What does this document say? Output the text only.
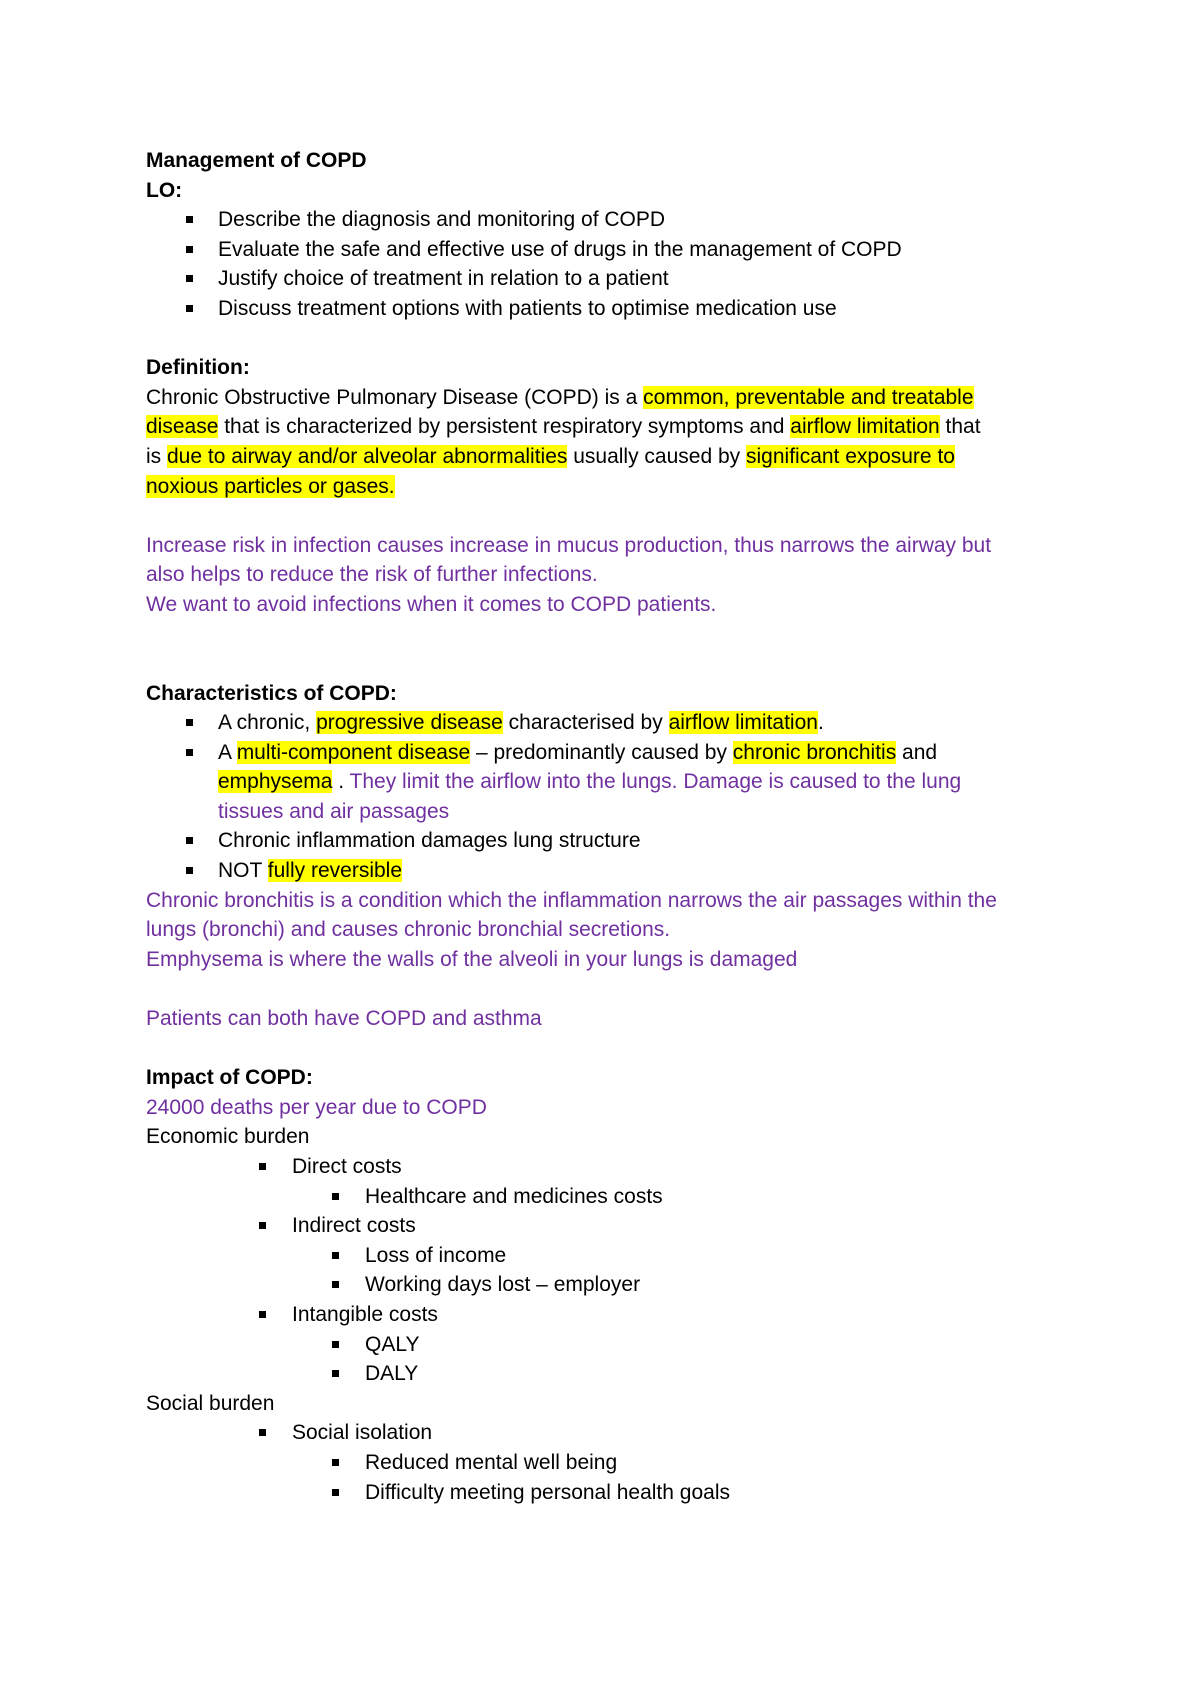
Management of COPD
LO:
Describe the diagnosis and monitoring of COPD
Evaluate the safe and effective use of drugs in the management of COPD
Justify choice of treatment in relation to a patient
Discuss treatment options with patients to optimise medication use
Definition:
Chronic Obstructive Pulmonary Disease (COPD) is a common, preventable and treatable
disease that is characterized by persistent respiratory symptoms and airflow limitation that
is due to airway and/or alveolar abnormalities usually caused by significant exposure to
noxious particles or gases.
Increase risk in infection causes increase in mucus production, thus narrows the airway but
also helps to reduce the risk of further infections.
We want to avoid infections when it comes to COPD patients.
Characteristics of COPD:
A chronic, progressive disease characterised by airflow limitation.
A multi-component disease – predominantly caused by chronic bronchitis and
emphysema . They limit the airflow into the lungs. Damage is caused to the lung
tissues and air passages
Chronic inflammation damages lung structure
NOT fully reversible
Chronic bronchitis is a condition which the inflammation narrows the air passages within the
lungs (bronchi) and causes chronic bronchial secretions.
Emphysema is where the walls of the alveoli in your lungs is damaged
Patients can both have COPD and asthma
Impact of COPD:
24000 deaths per year due to COPD
Economic burden
Direct costs
Healthcare and medicines costs
Indirect costs
Loss of income
Working days lost – employer
Intangible costs
QALY
DALY
Social burden
Social isolation
Reduced mental well being
Difficulty meeting personal health goals
